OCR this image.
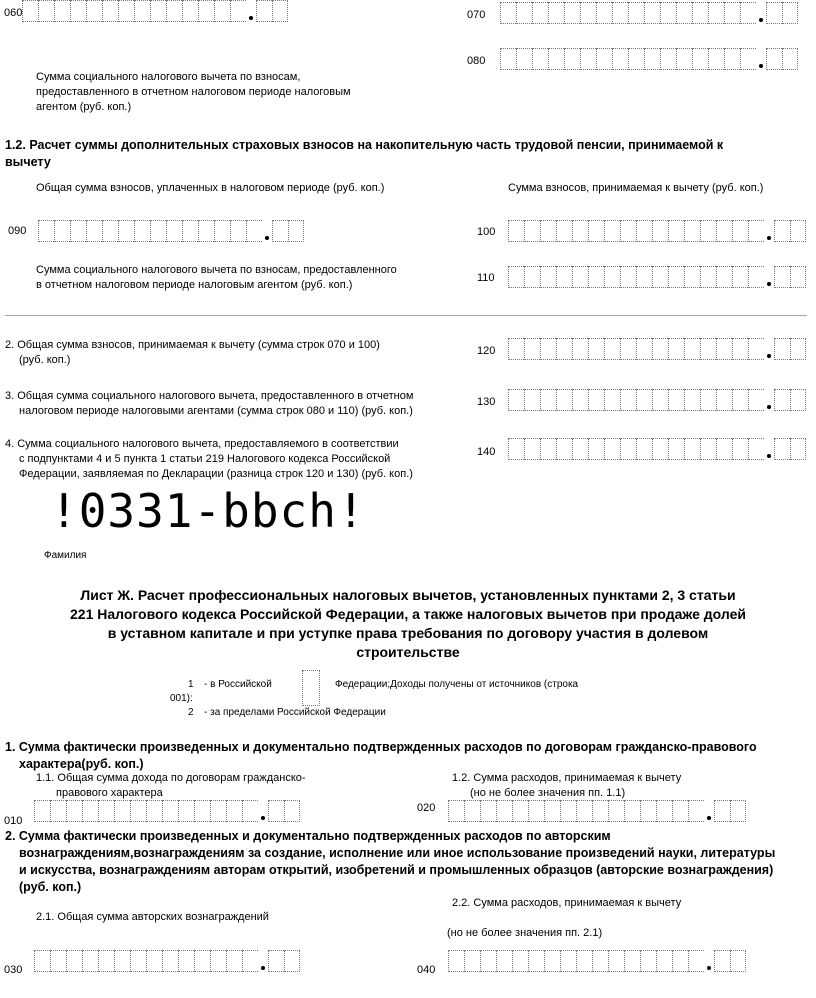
060	070
080
Сумма социального налогового вычета по взносам,
предоставленного в отчетном налоговом периоде налоговым
агентом (руб. коп.)
1.2. Расчет суммы дополнительных страховых взносов на накопительную часть трудовой пенсии, принимаемой к
вычету
Общая сумма взносов, уплаченных в налоговом периоде (руб. коп.)	Сумма взносов, принимаемая к вычету (руб. коп.)
090	100
Сумма социального налогового вычета по взносам, предоставленного
в отчетном налоговом периоде налоговым агентом (руб. коп.)
110
2. Общая сумма взносов, принимаемая к вычету (сумма строк 070 и 100)
(руб. коп.)
120
3. Общая сумма социального налогового вычета, предоставленного в отчетном
налоговом периоде налоговыми агентами (сумма строк 080 и 110) (руб. коп.)
130
4. Сумма социального налогового вычета, предоставляемого в соответствии
с подпунктами 4 и 5 пункта 1 статьи 219 Налогового кодекса Российской
Федерации, заявляемая по Декларации (разница строк 120 и 130) (руб. коп.)
140
!0331-bbch!
Фамилия
Лист Ж. Расчет профессиональных налоговых вычетов, установленных пунктами 2, 3 статьи
221 Налогового кодекса Российской Федерации, а также налоговых вычетов при продаже долей
в уставном капитале и при уступке права требования по договору участия в долевом
строительстве
1 - в Российской	Федерации;Доходы получены от источников (строка
001):
2 - за пределами Российской Федерации
1. Сумма фактически произведенных и документально подтвержденных расходов по договорам гражданско-правового
характера(руб. коп.)
1.1. Общая сумма дохода по договорам гражданско-
правового характера
1.2. Сумма расходов, принимаемая к вычету
(но не более значения пп. 1.1)
010
020
2. Сумма фактически произведенных и документально подтвержденных расходов по авторским
вознаграждениям,вознаграждениям за создание, исполнение или иное использование произведений науки, литературы
и искусства, вознаграждениям авторам открытий, изобретений и промышленных образцов (авторские вознаграждения)
(руб. коп.)
2.2. Сумма расходов, принимаемая к вычету
2.1. Общая сумма авторских вознаграждений
(но не более значения пп. 2.1)
030	040
